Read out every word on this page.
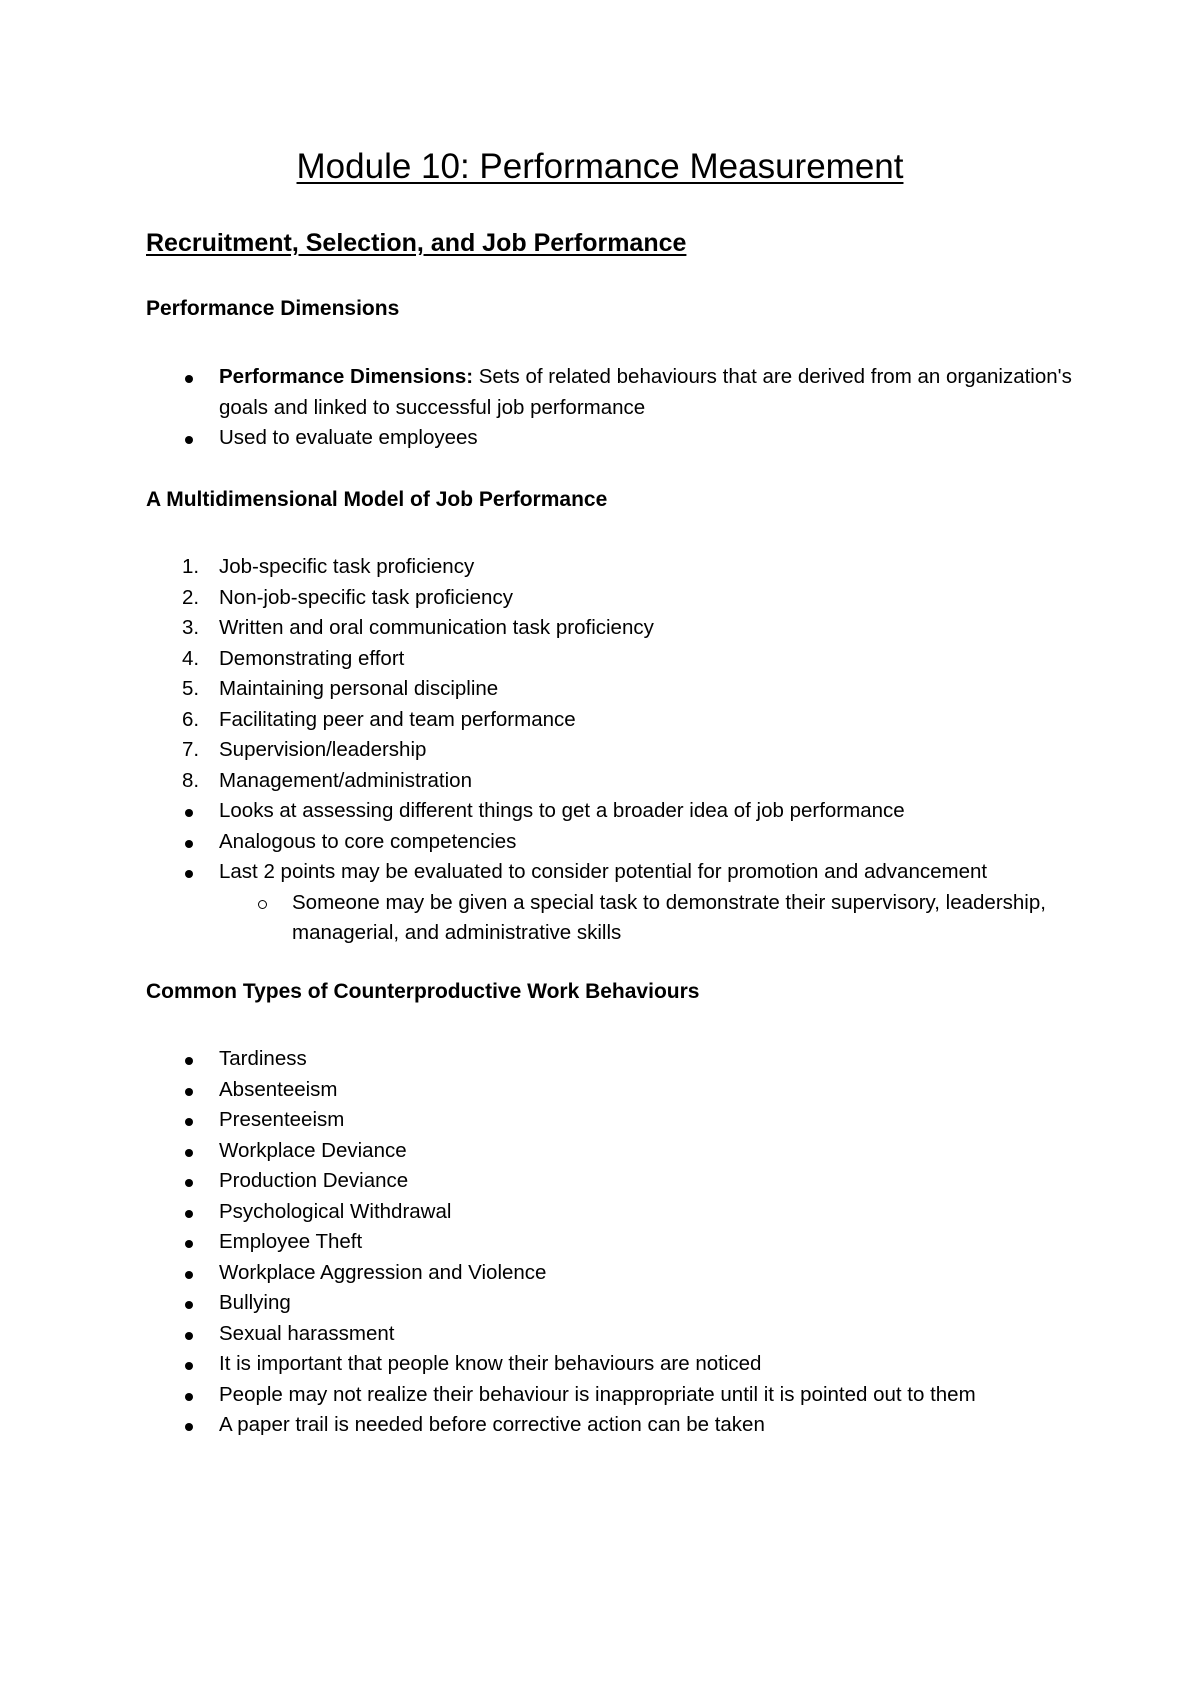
Module 10: Performance Measurement
Recruitment, Selection, and Job Performance
Performance Dimensions
Performance Dimensions: Sets of related behaviours that are derived from an organization's goals and linked to successful job performance
Used to evaluate employees
A Multidimensional Model of Job Performance
1. Job-specific task proficiency
2. Non-job-specific task proficiency
3. Written and oral communication task proficiency
4. Demonstrating effort
5. Maintaining personal discipline
6. Facilitating peer and team performance
7. Supervision/leadership
8. Management/administration
Looks at assessing different things to get a broader idea of job performance
Analogous to core competencies
Last 2 points may be evaluated to consider potential for promotion and advancement
Someone may be given a special task to demonstrate their supervisory, leadership, managerial, and administrative skills
Common Types of Counterproductive Work Behaviours
Tardiness
Absenteeism
Presenteeism
Workplace Deviance
Production Deviance
Psychological Withdrawal
Employee Theft
Workplace Aggression and Violence
Bullying
Sexual harassment
It is important that people know their behaviours are noticed
People may not realize their behaviour is inappropriate until it is pointed out to them
A paper trail is needed before corrective action can be taken
